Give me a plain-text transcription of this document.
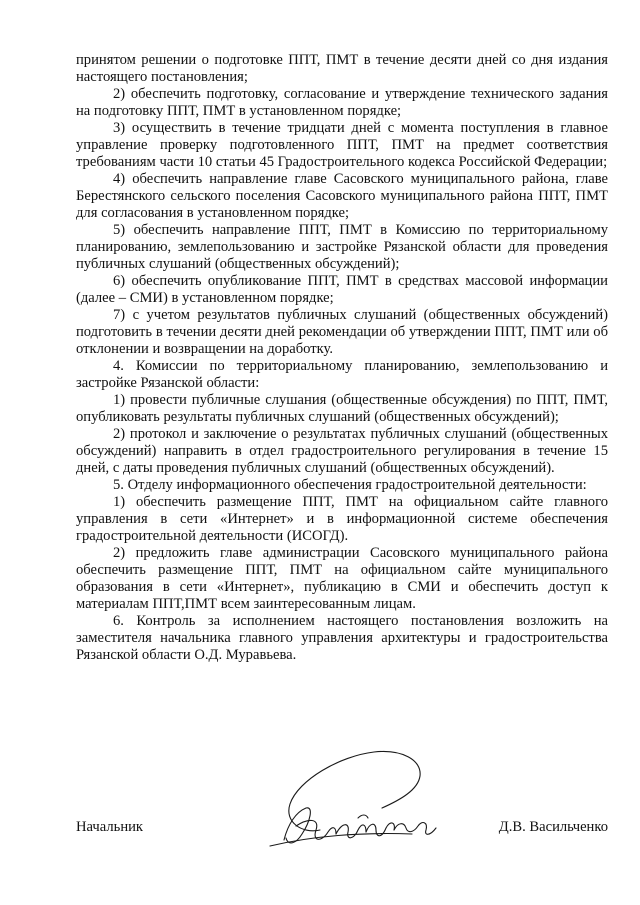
принятом решении о подготовке ППТ, ПМТ в течение десяти дней со дня издания настоящего постановления;

2) обеспечить подготовку, согласование и утверждение технического задания на подготовку ППТ, ПМТ в установленном порядке;

3) осуществить в течение тридцати дней с момента поступления в главное управление проверку подготовленного ППТ, ПМТ на предмет соответствия требованиям части 10 статьи 45 Градостроительного кодекса Российской Федерации;

4) обеспечить направление главе Сасовского муниципального района, главе Берестянского сельского поселения Сасовского муниципального района ППТ, ПМТ для согласования в установленном порядке;

5) обеспечить направление ППТ, ПМТ в Комиссию по территориальному планированию, землепользованию и застройке Рязанской области для проведения публичных слушаний (общественных обсуждений);

6) обеспечить опубликование ППТ, ПМТ в средствах массовой информации (далее – СМИ) в установленном порядке;

7) с учетом результатов публичных слушаний (общественных обсуждений) подготовить в течении десяти дней рекомендации об утверждении ППТ, ПМТ или об отклонении и возвращении на доработку.

4. Комиссии по территориальному планированию, землепользованию и застройке Рязанской области:

1) провести публичные слушания (общественные обсуждения) по ППТ, ПМТ, опубликовать результаты публичных слушаний (общественных обсуждений);

2) протокол и заключение о результатах публичных слушаний (общественных обсуждений) направить в отдел градостроительного регулирования в течение 15 дней, с даты проведения публичных слушаний (общественных обсуждений).

5. Отделу информационного обеспечения градостроительной деятельности:

1) обеспечить размещение ППТ, ПМТ на официальном сайте главного управления в сети «Интернет» и в информационной системе обеспечения градостроительной деятельности (ИСОГД).

2) предложить главе администрации Сасовского муниципального района обеспечить размещение ППТ, ПМТ на официальном сайте муниципального образования в сети «Интернет», публикацию в СМИ и обеспечить доступ к материалам ППТ,ПМТ всем заинтересованным лицам.

6. Контроль за исполнением настоящего постановления возложить на заместителя начальника главного управления архитектуры и градостроительства Рязанской области О.Д. Муравьева.

Начальник	Д.В. Васильченко
